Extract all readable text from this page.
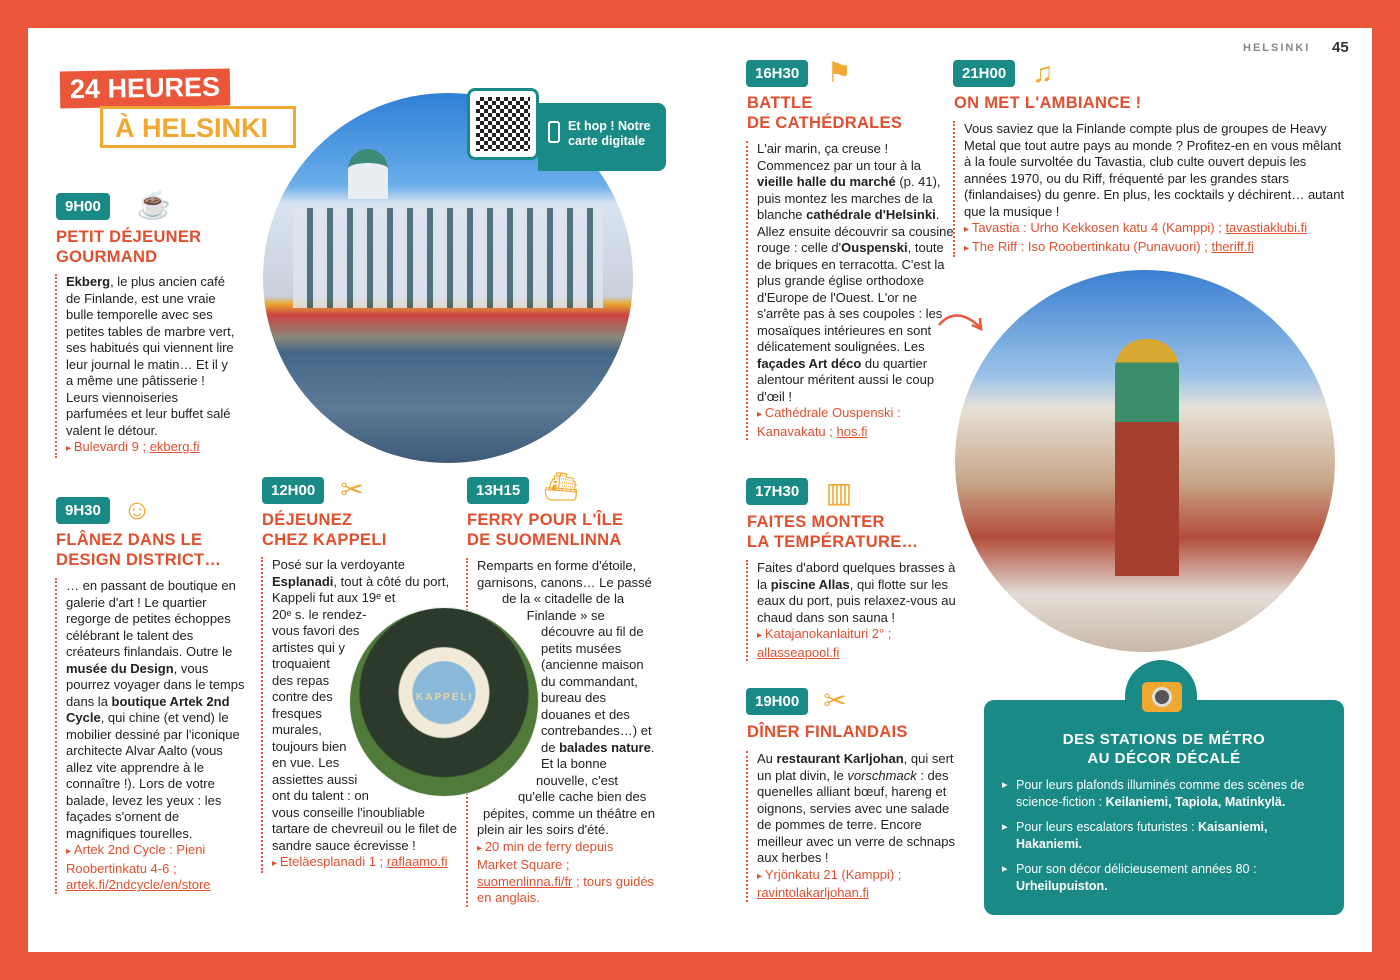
HELSINKI 45
24 HEURES
À HELSINKI	Et hop ! Notre carte digitale
9H00	☕
PETIT DÉJEUNER
GOURMAND

Ekberg, le plus ancien café de Finlande, est une vraie bulle temporelle avec ses petites tables de marbre vert, ses habitués qui viennent lire leur journal le matin… Et il y a même une pâtisserie ! Leurs viennoiseries parfumées et leur buffet salé valent le détour.

▸ Bulevardi 9 ; ekberg.fi

9H30 ☺
FLÂNEZ DANS LE
DESIGN DISTRICT…

… en passant de boutique en galerie d'art ! Le quartier regorge de petites échoppes célébrant le talent des créateurs finlandais. Outre le musée du Design, vous pourrez voyager dans le temps dans la boutique Artek 2nd Cycle, qui chine (et vend) le mobilier dessiné par l'iconique architecte Alvar Aalto (vous allez vite apprendre à le connaître !). Lors de votre balade, levez les yeux : les façades s'ornent de magnifiques tourelles.

▸ Artek 2nd Cycle : Pieni Roobertinkatu 4-6 ; artek.fi/2ndcycle/en/store

12H00 ✂
DÉJEUNEZ
CHEZ KAPPELI

Posé sur la verdoyante Esplanadi, tout à côté du port, Kappeli fut aux 19ᵉ et 20ᵉ s. le rendez-vous favori des artistes qui y troquaient des repas contre des fresques murales, toujours bien en vue. Les assiettes aussi ont du talent : on vous conseille l'inoubliable tartare de chevreuil ou le filet de sandre sauce écrevisse !

▸ Eteläesplanadi 1 ; raflaamo.fi

13H15 ⛴
FERRY POUR L'ÎLE
DE SUOMENLINNA

Remparts en forme d'étoile, garnisons, canons… Le passé de la « citadelle de la Finlande » se découvre au fil de petits musées (ancienne maison du commandant, bureau des douanes et des contrebandes…) et de balades nature. Et la bonne nouvelle, c'est qu'elle cache bien des pépites, comme un théâtre en plein air les soirs d'été.

▸ 20 min de ferry depuis Market Square ; suomenlinna.fi/fr ; tours guidés en anglais.

KAPPELI
16H30 ⚑
BATTLE
DE CATHÉDRALES

L'air marin, ça creuse ! Commencez par un tour à la vieille halle du marché (p. 41), puis montez les marches de la blanche cathédrale d'Helsinki. Allez ensuite découvrir sa cousine rouge : celle d'Ouspenski, toute de briques en terracotta. C'est la plus grande église orthodoxe d'Europe de l'Ouest. L'or ne s'arrête pas à ses coupoles : les mosaïques intérieures en sont délicatement soulignées. Les façades Art déco du quartier alentour méritent aussi le coup d'œil !

▸ Cathédrale Ouspenski : Kanavakatu ; hos.fi

21H00 ♫
ON MET L'AMBIANCE !

Vous saviez que la Finlande compte plus de groupes de Heavy Metal que tout autre pays au monde ? Profitez-en en vous mêlant à la foule survoltée du Tavastia, club culte ouvert depuis les années 1970, ou du Riff, fréquenté par les grandes stars (finlandaises) du genre. En plus, les cocktails y déchirent… autant que la musique !

▸ Tavastia : Urho Kekkosen katu 4 (Kamppi) ; tavastiaklubi.fi

▸ The Riff : Iso Roobertinkatu (Punavuori) ; theriff.fi

17H30 ▥
FAITES MONTER
LA TEMPÉRATURE…

Faites d'abord quelques brasses à la piscine Allas, qui flotte sur les eaux du port, puis relaxez-vous au chaud dans son sauna !

▸ Katajanokanlaituri 2° ; allasseapool.fi

19H00 ✂
DÎNER FINLANDAIS

Au restaurant Karljohan, qui sert un plat divin, le vorschmack : des quenelles alliant bœuf, hareng et oignons, servies avec une salade de pommes de terre. Encore meilleur avec un verre de schnaps aux herbes !

▸ Yrjönkatu 21 (Kamppi) ; ravintolakarljohan.fi

DES STATIONS DE MÉTRO
AU DÉCOR DÉCALÉ
▸ Pour leurs plafonds illuminés comme des scènes de science-fiction : Keilaniemi, Tapiola, Matinkylä.
▸ Pour leurs escalators futuristes : Kaisaniemi, Hakaniemi.
▸ Pour son décor délicieusement années 80 : Urheilupuiston.
